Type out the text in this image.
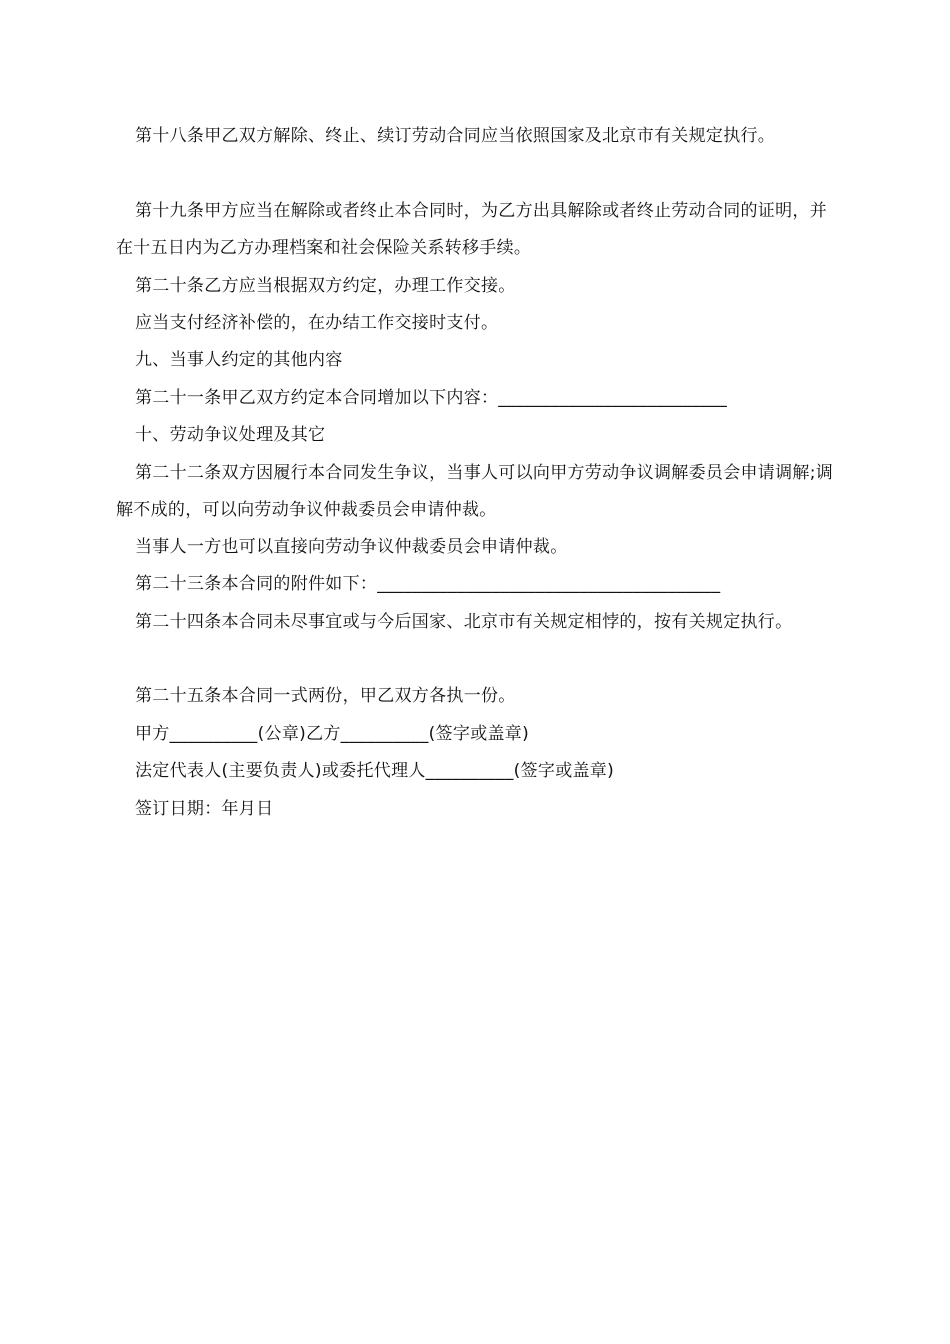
第十八条甲乙双方解除、终止、续订劳动合同应当依照国家及北京市有关规定执行。

第十九条甲方应当在解除或者终止本合同时，为乙方出具解除或者终止劳动合同的证明，并在十五日内为乙方办理档案和社会保险关系转移手续。

第二十条乙方应当根据双方约定，办理工作交接。

应当支付经济补偿的，在办结工作交接时支付。

九、当事人约定的其他内容

第二十一条甲乙双方约定本合同增加以下内容：__________________________

十、劳动争议处理及其它

第二十二条双方因履行本合同发生争议，当事人可以向甲方劳动争议调解委员会申请调解;调解不成的，可以向劳动争议仲裁委员会申请仲裁。

当事人一方也可以直接向劳动争议仲裁委员会申请仲裁。

第二十三条本合同的附件如下：_______________________________________

第二十四条本合同未尽事宜或与今后国家、北京市有关规定相悖的，按有关规定执行。

第二十五条本合同一式两份，甲乙双方各执一份。

甲方__________(公章)乙方__________(签字或盖章)

法定代表人(主要负责人)或委托代理人__________(签字或盖章)

签订日期：年月日
